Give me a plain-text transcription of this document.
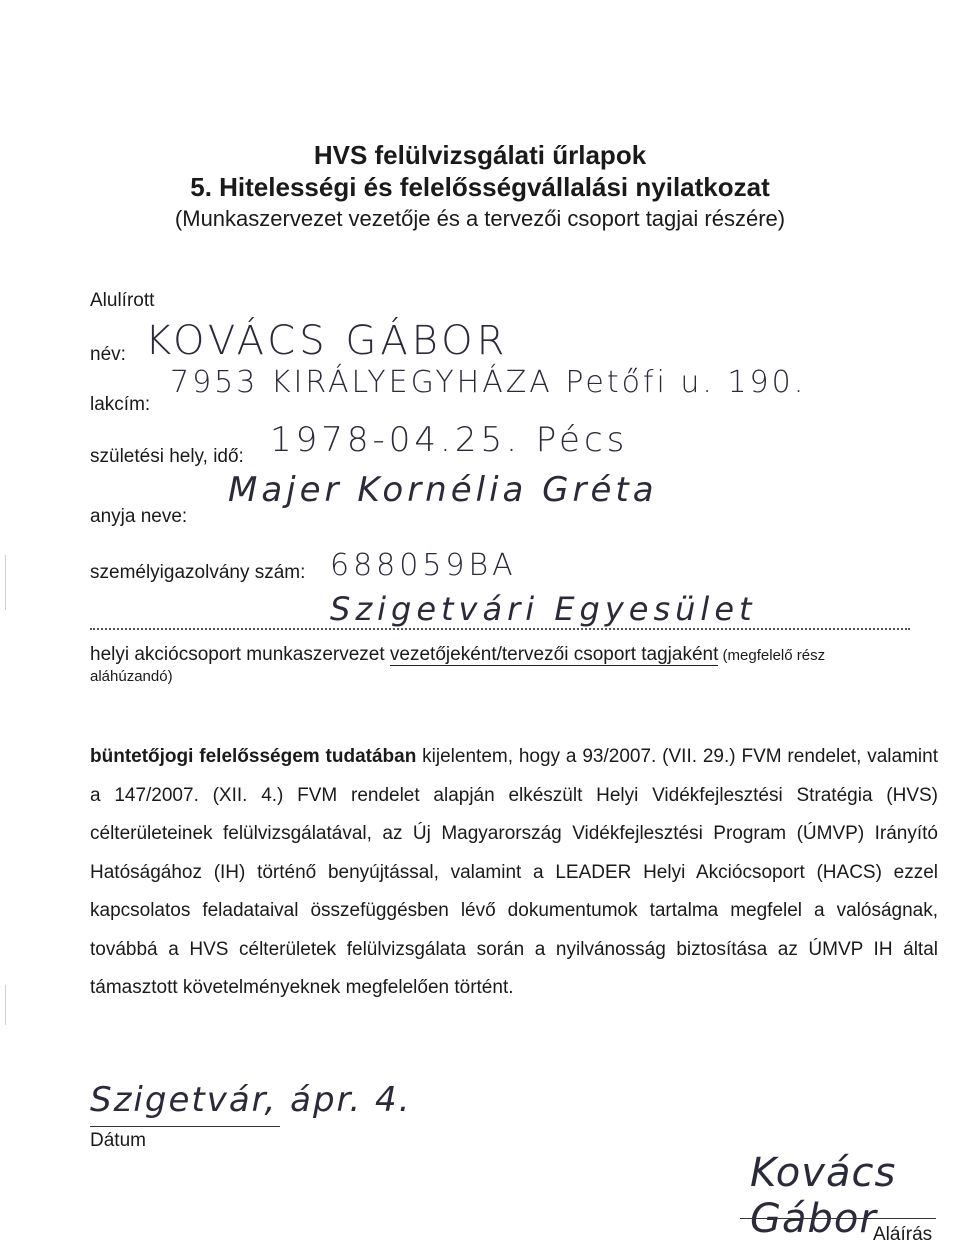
HVS felülvizsgálati űrlapok
5. Hitelességi és felelősségvállalási nyilatkozat
(Munkaszervezet vezetője és a tervezői csoport tagjai részére)
Alulírott
név: KOVÁCS GÁBOR
lakcím:
7953 KIRÁLYEGYHÁZA Petőfi u. 190.
születési hely, idő: 1978-04.25. Pécs
anyja neve:
Majer Kornélia Gréta
személyigazolvány szám: 688059BA
Szigetvári Egyesület
helyi akciócsoport munkaszervezet vezetőjeként/tervezői csoport tagjaként (megfelelő rész
aláhúzandó)
büntetőjogi felelősségem tudatában kijelentem, hogy a 93/2007. (VII. 29.) FVM rendelet, valamint a 147/2007. (XII. 4.) FVM rendelet alapján elkészült Helyi Vidékfejlesztési Stratégia (HVS) célterületeinek felülvizsgálatával, az Új Magyarország Vidékfejlesztési Program (ÚMVP) Irányító Hatóságához (IH) történő benyújtással, valamint a LEADER Helyi Akciócsoport (HACS) ezzel kapcsolatos feladataival összefüggésben lévő dokumentumok tartalma megfelel a valóságnak, továbbá a HVS célterületek felülvizsgálata során a nyilvánosság biztosítása az ÚMVP IH által támasztott követelményeknek megfelelően történt.
Szigetvár, ápr. 4.
Dátum
Kovács Gábor
Aláírás
